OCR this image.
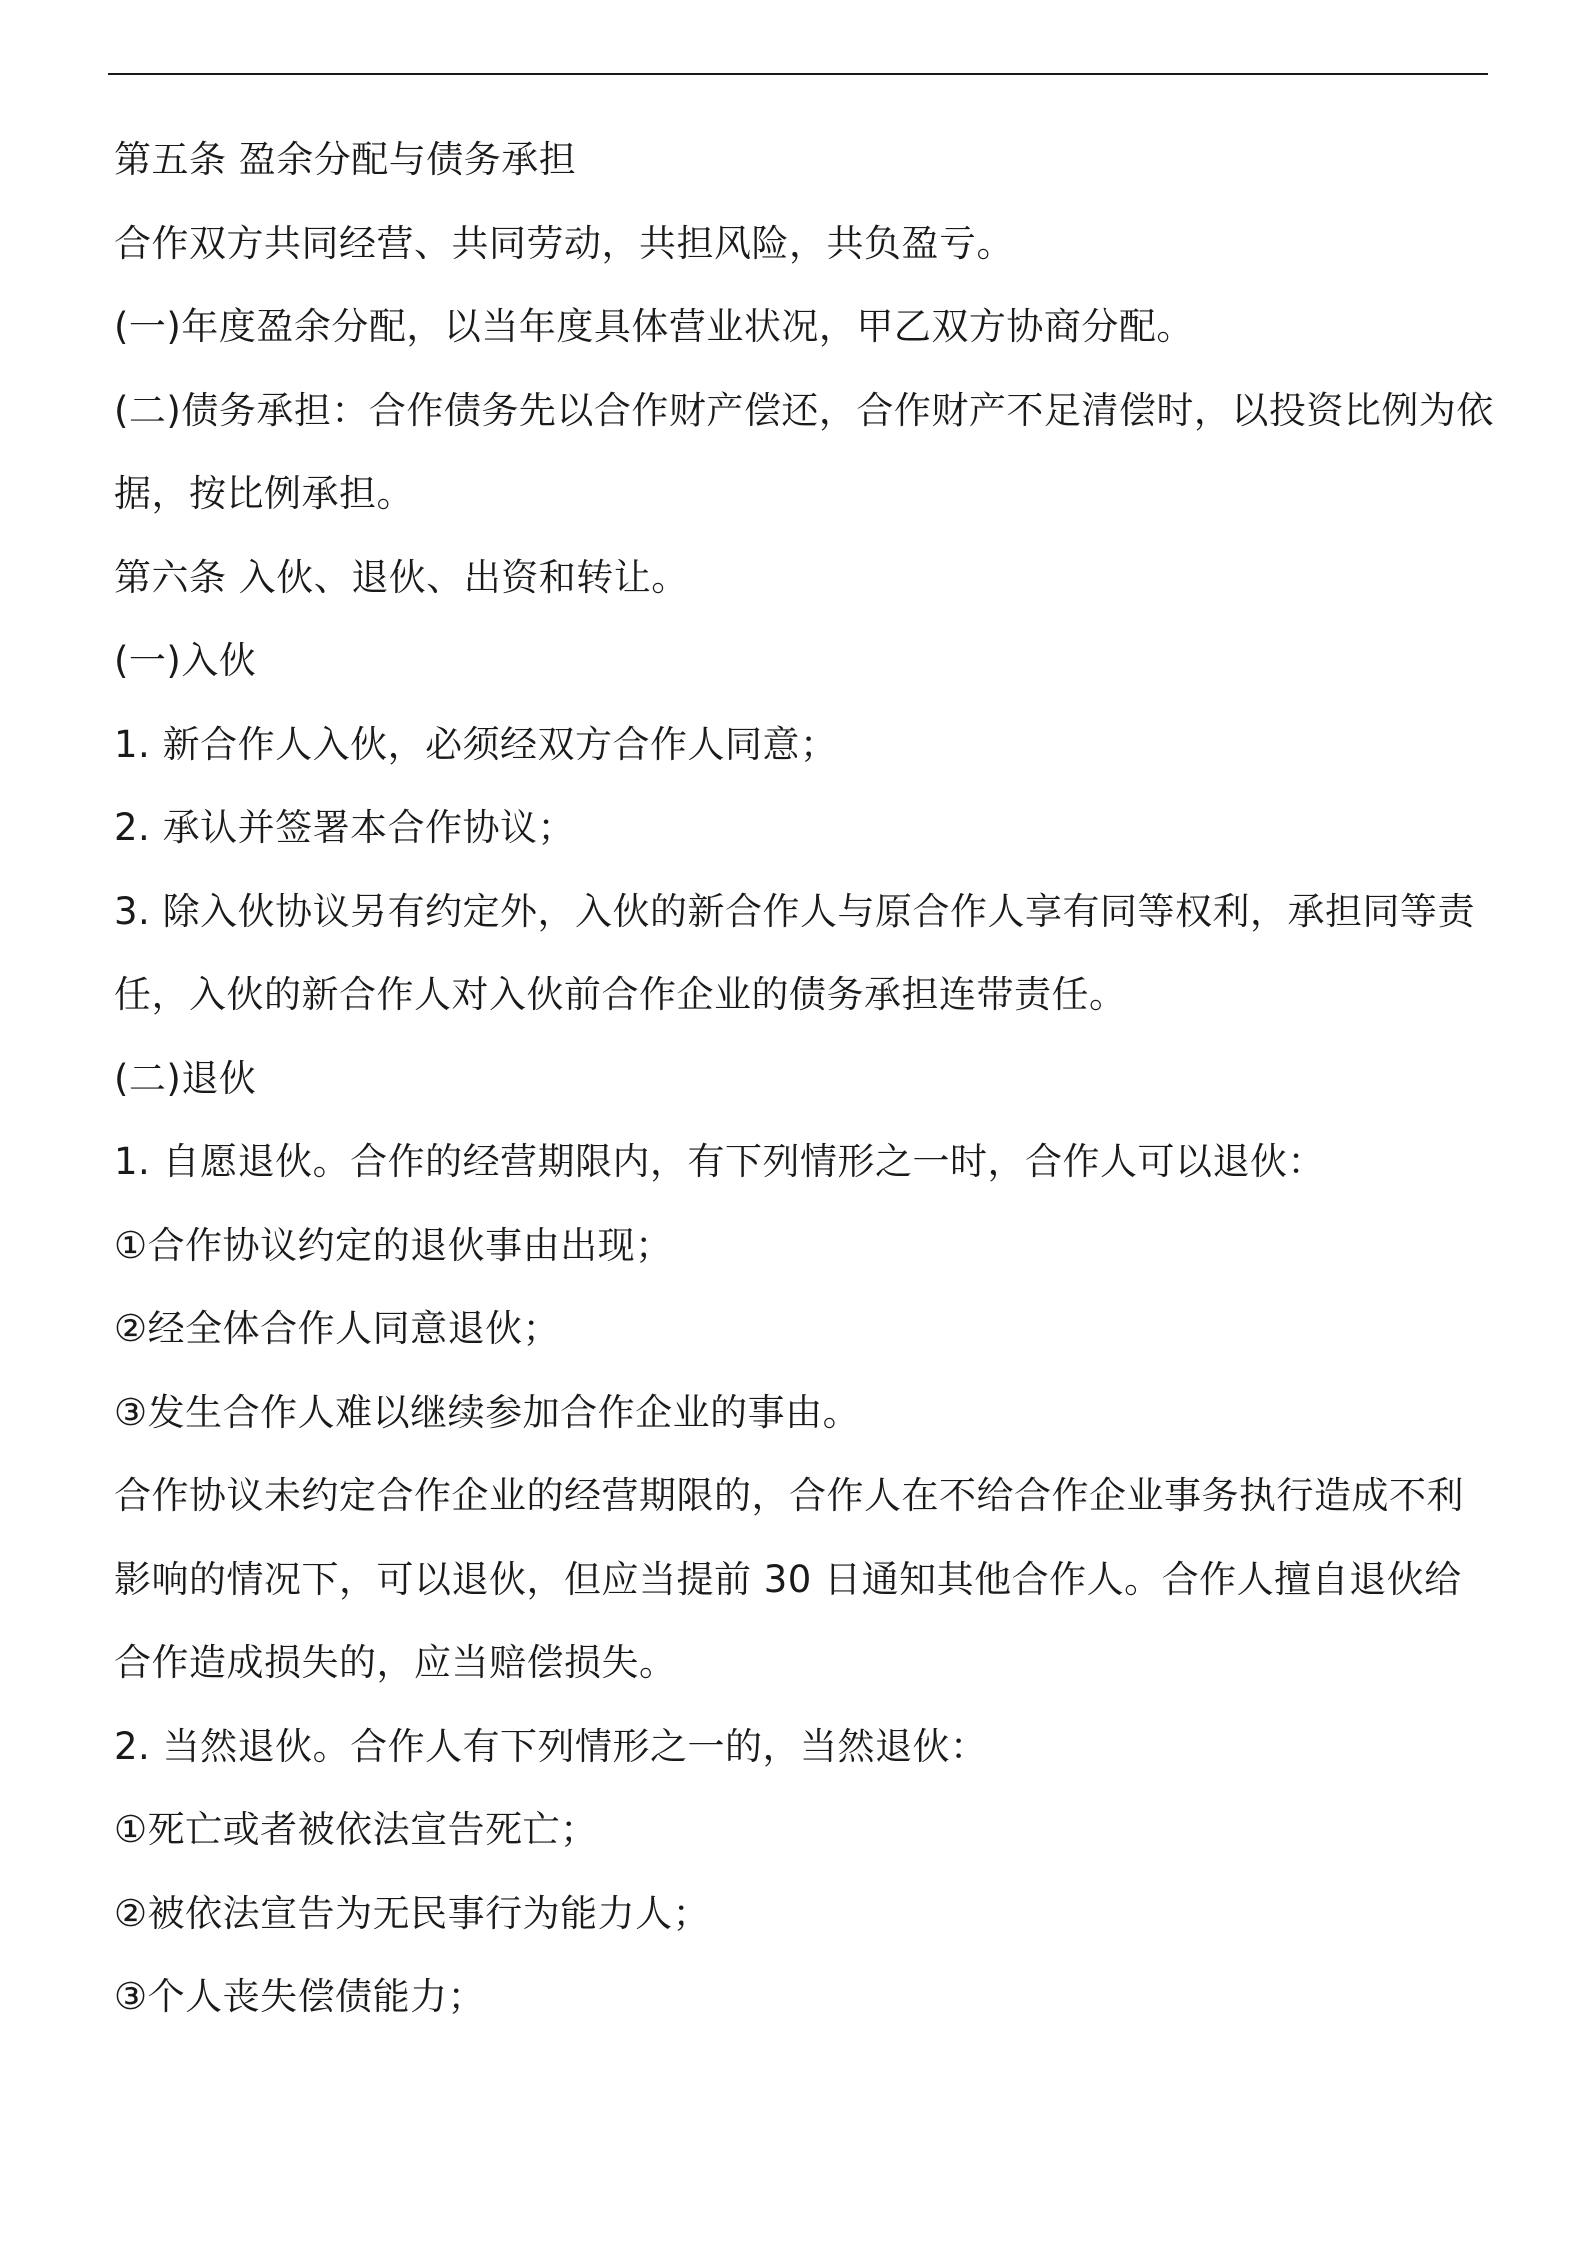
第五条 盈余分配与债务承担

合作双方共同经营、共同劳动，共担风险，共负盈亏。

(一)年度盈余分配，以当年度具体营业状况，甲乙双方协商分配。

(二)债务承担：合作债务先以合作财产偿还，合作财产不足清偿时，以投资比例为依据，按比例承担。

第六条 入伙、退伙、出资和转让。

(一)入伙

1. 新合作人入伙，必须经双方合作人同意；

2. 承认并签署本合作协议；

3. 除入伙协议另有约定外，入伙的新合作人与原合作人享有同等权利，承担同等责任，入伙的新合作人对入伙前合作企业的债务承担连带责任。

(二)退伙

1. 自愿退伙。合作的经营期限内，有下列情形之一时，合作人可以退伙：

①合作协议约定的退伙事由出现；

②经全体合作人同意退伙；

③发生合作人难以继续参加合作企业的事由。

合作协议未约定合作企业的经营期限的，合作人在不给合作企业事务执行造成不利影响的情况下，可以退伙，但应当提前 30 日通知其他合作人。合作人擅自退伙给合作造成损失的，应当赔偿损失。

2. 当然退伙。合作人有下列情形之一的，当然退伙：

①死亡或者被依法宣告死亡；

②被依法宣告为无民事行为能力人；

③个人丧失偿债能力；
